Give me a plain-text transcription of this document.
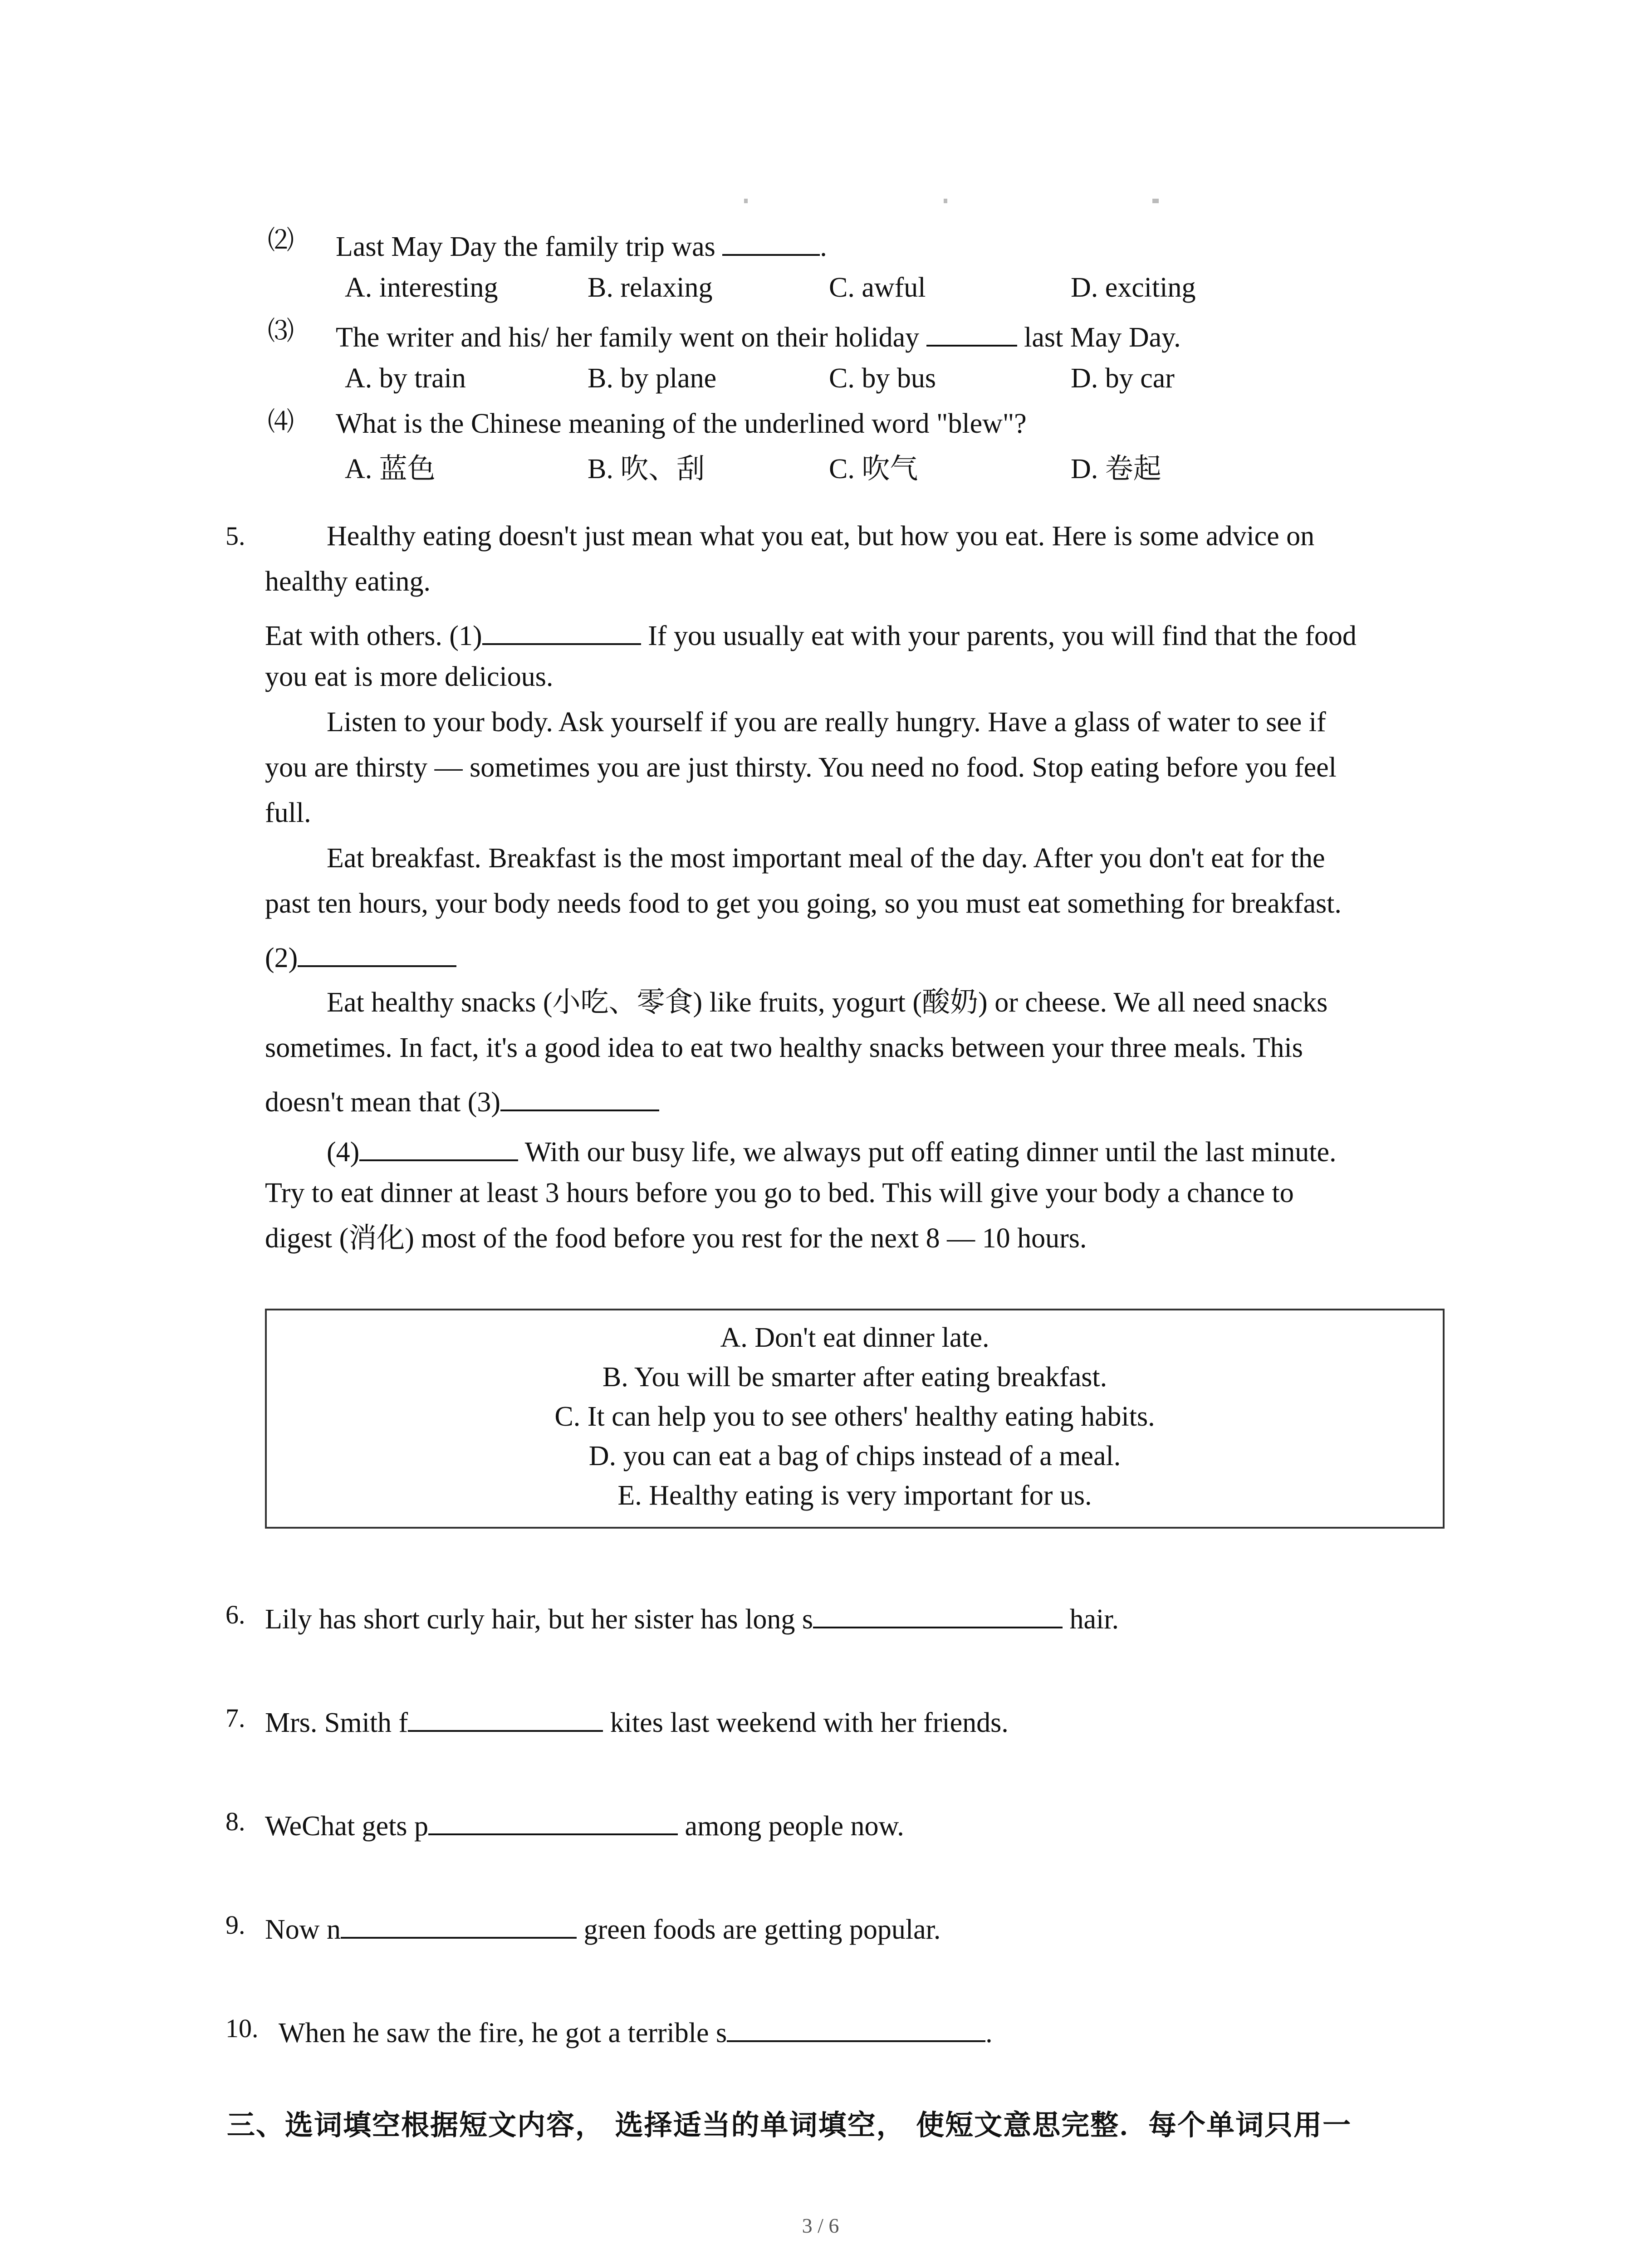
⑵ Last May Day the family trip was	.
A. interesting	B. relaxing	C. awful	D. exciting
⑶ The writer and his/ her family went on their holiday	last May Day.
A. by train	B. by plane	C. by bus	D. by car
⑷ What is the Chinese meaning of the underlined word "blew"?
A. 蓝色	B. 吹、刮	C. 吹气	D. 卷起
5.	Healthy eating doesn't just mean what you eat, but how you eat. Here is some advice on
healthy eating.
Eat with others. (1)	If you usually eat with your parents, you will find that the food
you eat is more delicious.
Listen to your body. Ask yourself if you are really hungry. Have a glass of water to see if
you are thirsty — sometimes you are just thirsty. You need no food. Stop eating before you feel
full.
Eat breakfast. Breakfast is the most important meal of the day. After you don't eat for the
past ten hours, your body needs food to get you going, so you must eat something for breakfast.
(2)
Eat healthy snacks (小吃、零食) like fruits, yogurt (酸奶) or cheese. We all need snacks
sometimes. In fact, it's a good idea to eat two healthy snacks between your three meals. This
doesn't mean that (3)
(4)	With our busy life, we always put off eating dinner until the last minute.
Try to eat dinner at least 3 hours before you go to bed. This will give your body a chance to
digest (消化) most of the food before you rest for the next 8 — 10 hours.
A. Don't eat dinner late.
B. You will be smarter after eating breakfast.
C. It can help you to see others' healthy eating habits.
D. you can eat a bag of chips instead of a meal.
E. Healthy eating is very important for us.
6. Lily has short curly hair, but her sister has long s	hair.
7. Mrs. Smith f	kites last weekend with her friends.
8. WeChat gets p	among people now.
9. Now n	green foods are getting popular.
10. When he saw the fire, he got a terrible s	.
三、选词填空根据短文内容， 选择适当的单词填空， 使短文意思完整．每个单词只用一
3 / 6
